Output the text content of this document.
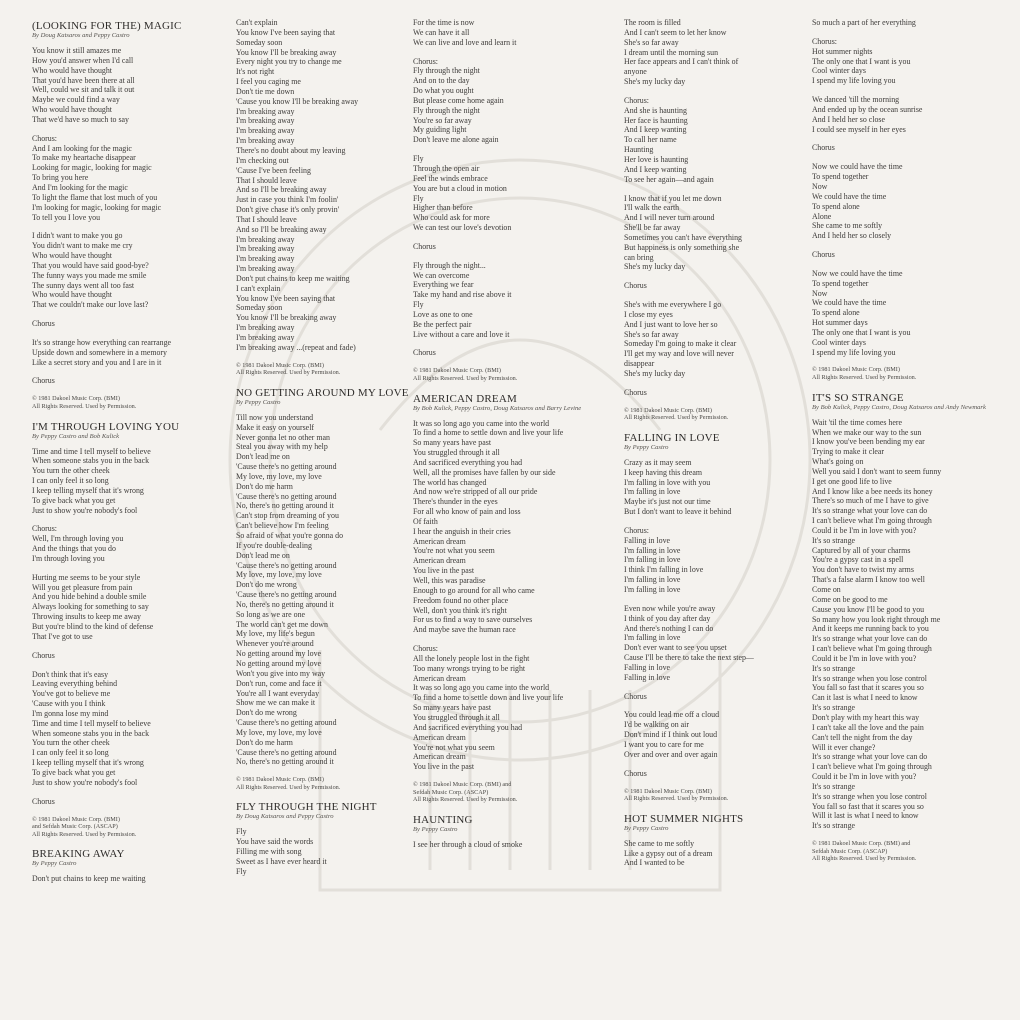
(LOOKING FOR THE) MAGIC
By Doug Katsaros and Peppy Castro
You know it still amazes me
How you'd answer when I'd call
Who would have thought
That you'd have been there at all
Well, could we sit and talk it out
Maybe we could find a way
Who would have thought
That we'd have so much to say
Chorus:
And I am looking for the magic
To make my heartache disappear
Looking for magic, looking for magic
To bring you here
And I'm looking for the magic
To light the flame that lost much of you
I'm looking for magic, looking for magic
To tell you I love you
I didn't want to make you go
You didn't want to make me cry
Who would have thought
That you would have said good-bye?
The funny ways you made me smile
The sunny days went all too fast
Who would have thought
That we couldn't make our love last?
Chorus
It's so strange how everything can rearrange
Upside down and somewhere in a memory
Like a secret story and you and I are in it
Chorus
© 1981 Dakoel Music Corp. (BMI)
All Rights Reserved. Used by Permission.
I'M THROUGH LOVING YOU
By Peppy Castro and Bob Kulick
Time and time I tell myself to believe
When someone stabs you in the back
You turn the other cheek
I can only feel it so long
I keep telling myself that it's wrong
To give back what you get
Just to show you're nobody's fool
Chorus:
Well, I'm through loving you
And the things that you do
I'm through loving you
Hurting me seems to be your style
Will you get pleasure from pain
And you hide behind a double smile
Always looking for something to say
Throwing insults to keep me away
But you're blind to the kind of defense
That I've got to use
Chorus
Don't think that it's easy
Leaving everything behind
You've got to believe me
'Cause with you I think
I'm gonna lose my mind
Time and time I tell myself to believe
When someone stabs you in the back
You turn the other cheek
I can only feel it so long
I keep telling myself that it's wrong
To give back what you get
Just to show you're nobody's fool
Chorus
© 1981 Dakoel Music Corp. (BMI)
and Sefdah Music Corp. (ASCAP)
All Rights Reserved. Used by Permission.
BREAKING AWAY
By Peppy Castro
Don't put chains to keep me waiting
Can't explain
You know I've been saying that
Someday soon
You know I'll be breaking away
Every night you try to change me
It's not right
I feel you caging me
Don't tie me down
'Cause you know I'll be breaking away
I'm breaking away
I'm breaking away
I'm breaking away
I'm breaking away
There's no doubt about my leaving
I'm checking out
'Cause I've been feeling
That I should leave
And so I'll be breaking away
Just in case you think I'm foolin'
Don't give chase it's only provin'
That I should leave
And so I'll be breaking away
I'm breaking away
I'm breaking away
I'm breaking away
I'm breaking away
Don't put chains to keep me waiting
I can't explain
You know I've been saying that
Someday soon
You know I'll be breaking away
I'm breaking away
I'm breaking away
I'm breaking away ...(repeat and fade)
© 1981 Dakoel Music Corp. (BMI)
All Rights Reserved. Used by Permission.
NO GETTING AROUND MY LOVE
By Peppy Castro
Till now you understand
Make it easy on yourself
Never gonna let no other man
Steal you away with my help
Don't lead me on
'Cause there's no getting around
My love, my love, my love
Don't do me harm
'Cause there's no getting around
No, there's no getting around it
Can't stop from dreaming of you
Can't believe how I'm feeling
So afraid of what you're gonna do
If you're double-dealing
Don't lead me on
'Cause there's no getting around
My love, my love, my love
Don't do me wrong
'Cause there's no getting around
No, there's no getting around it
So long as we are one
The world can't get me down
My love, my life's begun
Whenever you're around
No getting around my love
No getting around my love
Won't you give into my way
Don't run, come and face it
You're all I want everyday
Show me we can make it
Don't do me wrong
'Cause there's no getting around
My love, my love, my love
Don't do me harm
'Cause there's no getting around
No, there's no getting around it
© 1981 Dakoel Music Corp. (BMI)
All Rights Reserved. Used by Permission.
FLY THROUGH THE NIGHT
By Doug Katsaros and Peppy Castro
Fly
You have said the words
Filling me with song
Sweet as I have ever heard it
Fly
For the time is now
We can have it all
We can live and love and learn it
Chorus:
Fly through the night
And on to the day
Do what you ought
But please come home again
Fly through the night
You're so far away
My guiding light
Don't leave me alone again
Fly
Through the open air
Feel the winds embrace
You are but a cloud in motion
Fly
Higher than before
Who could ask for more
We can test our love's devotion
Chorus
Fly through the night...
We can overcome
Everything we fear
Take my hand and rise above it
Fly
Love as one to one
Be the perfect pair
Live without a care and love it
Chorus
© 1981 Dakoel Music Corp. (BMI)
All Rights Reserved. Used by Permission.
AMERICAN DREAM
By Bob Kulick, Peppy Castro, Doug Katsaros and Barry Levine
It was so long ago you came into the world
To find a home to settle down and live your life
So many years have past
You struggled through it all
And sacrificed everything you had
Well, all the promises have fallen by our side
The world has changed
And now we're stripped of all our pride
There's thunder in the eyes
For all who know of pain and loss
Of faith
I hear the anguish in their cries
American dream
You're not what you seem
American dream
You live in the past
Well, this was paradise
Enough to go around for all who came
Freedom found no other place
Well, don't you think it's right
For us to find a way to save ourselves
And maybe save the human race
Chorus:
All the lonely people lost in the fight
Too many wrongs trying to be right
American dream
It was so long ago you came into the world
To find a home to settle down and live your life
So many years have past
You struggled through it all
And sacrificed everything you had
American dream
You're not what you seem
American dream
You live in the past
© 1981 Dakoel Music Corp. (BMI) and
Sefdah Music Corp. (ASCAP)
All Rights Reserved. Used by Permission.
HAUNTING
By Peppy Castro
I see her through a cloud of smoke
The room is filled
And I can't seem to let her know
She's so far away
I dream until the morning sun
Her face appears and I can't think of
anyone
She's my lucky day
Chorus:
And she is haunting
Her face is haunting
And I keep wanting
To call her name
Haunting
Her love is haunting
And I keep wanting
To see her again—and again
I know that if you let me down
I'll walk the earth
And I will never turn around
She'll be far away
Sometimes you can't have everything
But happiness is only something she
can bring
She's my lucky day
Chorus
She's with me everywhere I go
I close my eyes
And I just want to love her so
She's so far away
Someday I'm going to make it clear
I'll get my way and love will never
disappear
She's my lucky day
Chorus
© 1981 Dakoel Music Corp. (BMI)
All Rights Reserved. Used by Permission.
FALLING IN LOVE
By Peppy Castro
Crazy as it may seem
I keep having this dream
I'm falling in love with you
I'm falling in love
Maybe it's just not our time
But I don't want to leave it behind
Chorus:
Falling in love
I'm falling in love
I'm falling in love
I think I'm falling in love
I'm falling in love
I'm falling in love
Even now while you're away
I think of you day after day
And there's nothing I can do
I'm falling in love
Don't ever want to see you upset
Cause I'll be there to take the next step—
Falling in love
Falling in love
Chorus
You could lead me off a cloud
I'd be walking on air
Don't mind if I think out loud
I want you to care for me
Over and over and over again
Chorus
© 1981 Dakoel Music Corp. (BMI)
All Rights Reserved. Used by Permission.
HOT SUMMER NIGHTS
By Peppy Castro
She came to me softly
Like a gypsy out of a dream
And I wanted to be
So much a part of her everything
Chorus:
Hot summer nights
The only one that I want is you
Cool winter days
I spend my life loving you
We danced 'till the morning
And ended up by the ocean sunrise
And I held her so close
I could see myself in her eyes
Chorus
Now we could have the time
To spend together
Now
We could have the time
To spend alone
Alone
She came to me softly
And I held her so closely
Chorus
Now we could have the time
To spend together
Now
We could have the time
To spend alone
Hot summer days
The only one that I want is you
Cool winter days
I spend my life loving you
© 1981 Dakoel Music Corp. (BMI)
All Rights Reserved. Used by Permission.
IT'S SO STRANGE
By Bob Kulick, Peppy Castro, Doug Katsaros and Andy Newmark
Wait 'til the time comes here
When we make our way to the sun
I know you've been bending my ear
Trying to make it clear
What's going on
Well you said I don't want to seem funny
I get one good life to live
And I know like a bee needs its honey
There's so much of me I have to give
It's so strange what your love can do
I can't believe what I'm going through
Could it be I'm in love with you?
It's so strange
Captured by all of your charms
You're a gypsy cast in a spell
You don't have to twist my arms
That's a false alarm I know too well
Come on
Come on be good to me
Cause you know I'll be good to you
So many how you look right through me
And it keeps me running back to you
It's so strange what your love can do
I can't believe what I'm going through
Could it be I'm in love with you?
It's so strange
It's so strange when you lose control
You fall so fast that it scares you so
Can it last is what I need to know
It's so strange
Don't play with my heart this way
I can't take all the love and the pain
Can't tell the night from the day
Will it ever change?
It's so strange what your love can do
I can't believe what I'm going through
Could it be I'm in love with you?
It's so strange
It's so strange when you lose control
You fall so fast that it scares you so
Will it last is what I need to know
It's so strange
© 1981 Dakoel Music Corp. (BMI) and
Sefdah Music Corp. (ASCAP)
All Rights Reserved. Used by Permission.
